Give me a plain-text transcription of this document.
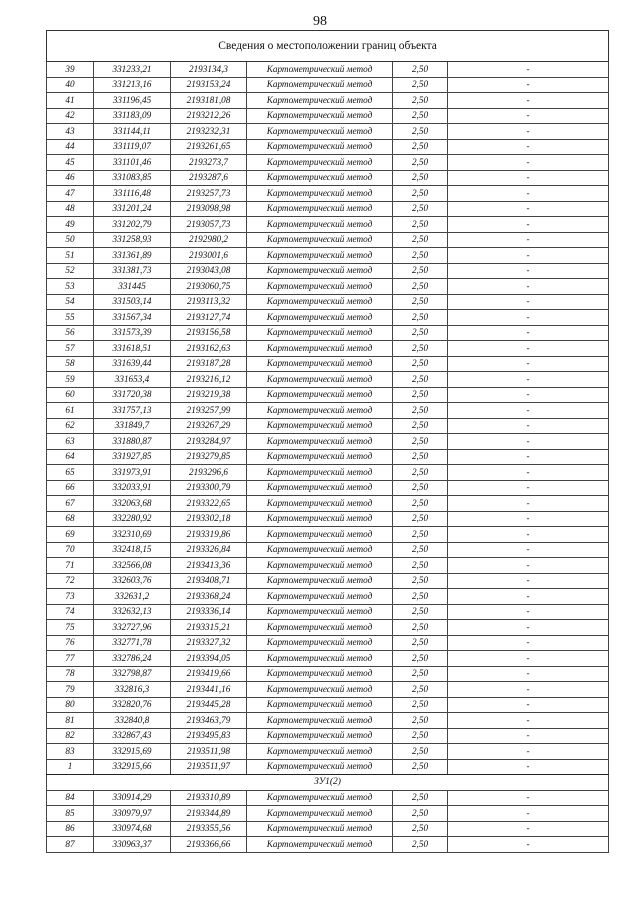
98
Сведения о местоположении границ объекта					
39	331233,21	2193134,3	Картометрический метод	2,50	-
40	331213,16	2193153,24	Картометрический метод	2,50	-
41	331196,45	2193181,08	Картометрический метод	2,50	-
42	331183,09	2193212,26	Картометрический метод	2,50	-
43	331144,11	2193232,31	Картометрический метод	2,50	-
44	331119,07	2193261,65	Картометрический метод	2,50	-
45	331101,46	2193273,7	Картометрический метод	2,50	-
46	331083,85	2193287,6	Картометрический метод	2,50	-
47	331116,48	2193257,73	Картометрический метод	2,50	-
48	331201,24	2193098,98	Картометрический метод	2,50	-
49	331202,79	2193057,73	Картометрический метод	2,50	-
50	331258,93	2192980,2	Картометрический метод	2,50	-
51	331361,89	2193001,6	Картометрический метод	2,50	-
52	331381,73	2193043,08	Картометрический метод	2,50	-
53	331445	2193060,75	Картометрический метод	2,50	-
54	331503,14	2193113,32	Картометрический метод	2,50	-
55	331567,34	2193127,74	Картометрический метод	2,50	-
56	331573,39	2193156,58	Картометрический метод	2,50	-
57	331618,51	2193162,63	Картометрический метод	2,50	-
58	331639,44	2193187,28	Картометрический метод	2,50	-
59	331653,4	2193216,12	Картометрический метод	2,50	-
60	331720,38	2193219,38	Картометрический метод	2,50	-
61	331757,13	2193257,99	Картометрический метод	2,50	-
62	331849,7	2193267,29	Картометрический метод	2,50	-
63	331880,87	2193284,97	Картометрический метод	2,50	-
64	331927,85	2193279,85	Картометрический метод	2,50	-
65	331973,91	2193296,6	Картометрический метод	2,50	-
66	332033,91	2193300,79	Картометрический метод	2,50	-
67	332063,68	2193322,65	Картометрический метод	2,50	-
68	332280,92	2193302,18	Картометрический метод	2,50	-
69	332310,69	2193319,86	Картометрический метод	2,50	-
70	332418,15	2193326,84	Картометрический метод	2,50	-
71	332566,08	2193413,36	Картометрический метод	2,50	-
72	332603,76	2193408,71	Картометрический метод	2,50	-
73	332631,2	2193368,24	Картометрический метод	2,50	-
74	332632,13	2193336,14	Картометрический метод	2,50	-
75	332727,96	2193315,21	Картометрический метод	2,50	-
76	332771,78	2193327,32	Картометрический метод	2,50	-
77	332786,24	2193394,05	Картометрический метод	2,50	-
78	332798,87	2193419,66	Картометрический метод	2,50	-
79	332816,3	2193441,16	Картометрический метод	2,50	-
80	332820,76	2193445,28	Картометрический метод	2,50	-
81	332840,8	2193463,79	Картометрический метод	2,50	-
82	332867,43	2193495,83	Картометрический метод	2,50	-
83	332915,69	2193511,98	Картометрический метод	2,50	-
1	332915,66	2193511,97	Картометрический метод	2,50	-
ЗУ1(2)					
84	330914,29	2193310,89	Картометрический метод	2,50	-
85	330979,97	2193344,89	Картометрический метод	2,50	-
86	330974,68	2193355,56	Картометрический метод	2,50	-
87	330963,37	2193366,66	Картометрический метод	2,50	-
